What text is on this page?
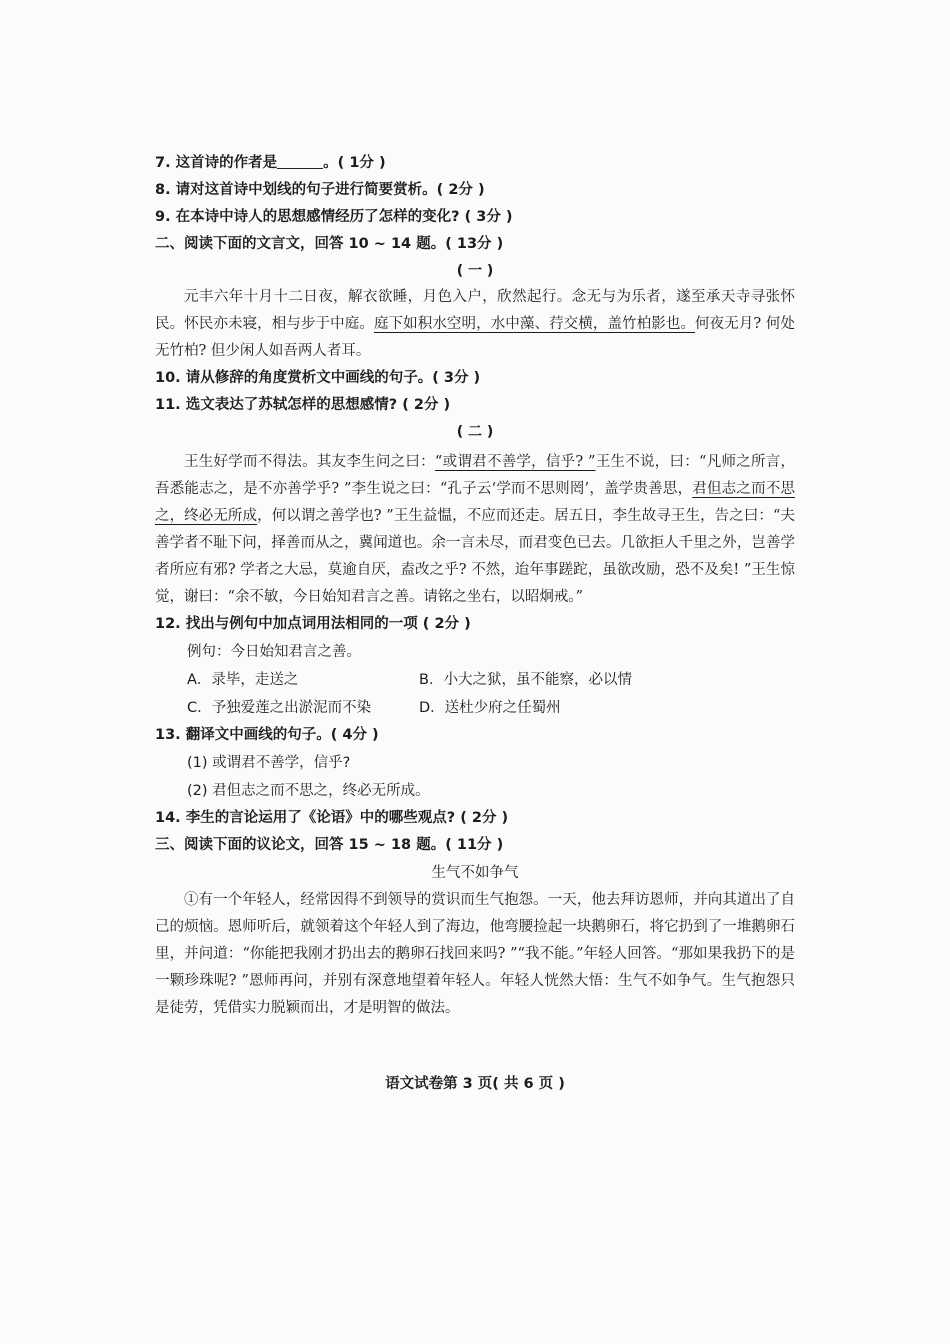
7. 这首诗的作者是	。( 1分 )
8. 请对这首诗中划线的句子进行简要赏析。( 2分 )
9. 在本诗中诗人的思想感情经历了怎样的变化? ( 3分 )
二、阅读下面的文言文，回答 10 ~ 14 题。( 13分 )
( 一 )

元丰六年十月十二日夜，解衣欲睡，月色入户，欣然起行。念无与为乐者，遂至承天寺寻张怀民。怀民亦未寝，相与步于中庭。庭下如积水空明，水中藻、荇交横，盖竹柏影也。何夜无月? 何处无竹柏? 但少闲人如吾两人者耳。

10. 请从修辞的角度赏析文中画线的句子。( 3分 )
11. 选文表达了苏轼怎样的思想感情? ( 2分 )
( 二 )

王生好学而不得法。其友李生问之曰：“或谓君不善学，信乎? ”王生不说，曰：“凡师之所言，吾悉能志之，是不亦善学乎? ”李生说之曰：“孔子云‘学而不思则罔’，盖学贵善思，君但志之而不思之，终必无所成，何以谓之善学也? ”王生益愠，不应而还走。居五日，李生故寻王生，告之曰：“夫善学者不耻下问，择善而从之，冀闻道也。余一言未尽，而君变色已去。几欲拒人千里之外，岂善学者所应有邪? 学者之大忌，莫逾自厌，盍改之乎? 不然，迨年事蹉跎，虽欲改励，恐不及矣! ”王生惊觉，谢曰：“余不敏，今日始知君言之善。请铭之坐右，以昭炯戒。”

12. 找出与例句中加点词用法相同的一项 ( 2分 )
例句：今日始知君言之善。
A．录毕，走送之	B．小大之狱，虽不能察，必以情
C．予独爱莲之出淤泥而不染	D．送杜少府之任蜀州
13. 翻译文中画线的句子。( 4分 )
(1) 或谓君不善学，信乎?
(2) 君但志之而不思之，终必无所成。
14. 李生的言论运用了《论语》中的哪些观点? ( 2分 )
三、阅读下面的议论文，回答 15 ~ 18 题。( 11分 )
生气不如争气

①有一个年轻人，经常因得不到领导的赏识而生气抱怨。一天，他去拜访恩师，并向其道出了自己的烦恼。恩师听后，就领着这个年轻人到了海边，他弯腰捡起一块鹅卵石，将它扔到了一堆鹅卵石里，并问道：“你能把我刚才扔出去的鹅卵石找回来吗? ”“我不能。”年轻人回答。“那如果我扔下的是一颗珍珠呢? ”恩师再问，并别有深意地望着年轻人。年轻人恍然大悟：生气不如争气。生气抱怨只是徒劳，凭借实力脱颖而出，才是明智的做法。

语文试卷第 3 页( 共 6 页 )
